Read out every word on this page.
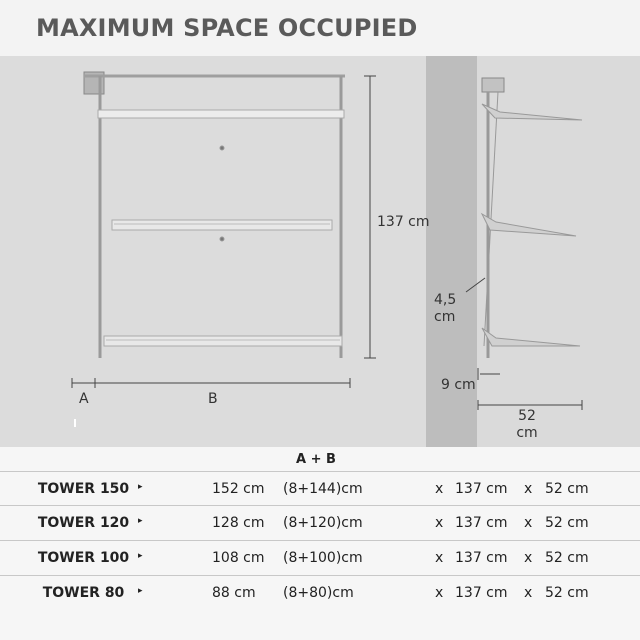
MAXIMUM SPACE OCCUPIED
137 cm
A	B
4,5
cm
9 cm
52
cm
A + B
TOWER 150 ▸	152 cm (8+144)cm	x 137 cm x 52 cm
TOWER 120 ▸	128 cm (8+120)cm	x 137 cm x 52 cm
TOWER 100 ▸	108 cm (8+100)cm	x 137 cm x 52 cm
TOWER 80	▸	88 cm (8+80)cm	x 137 cm x 52 cm
